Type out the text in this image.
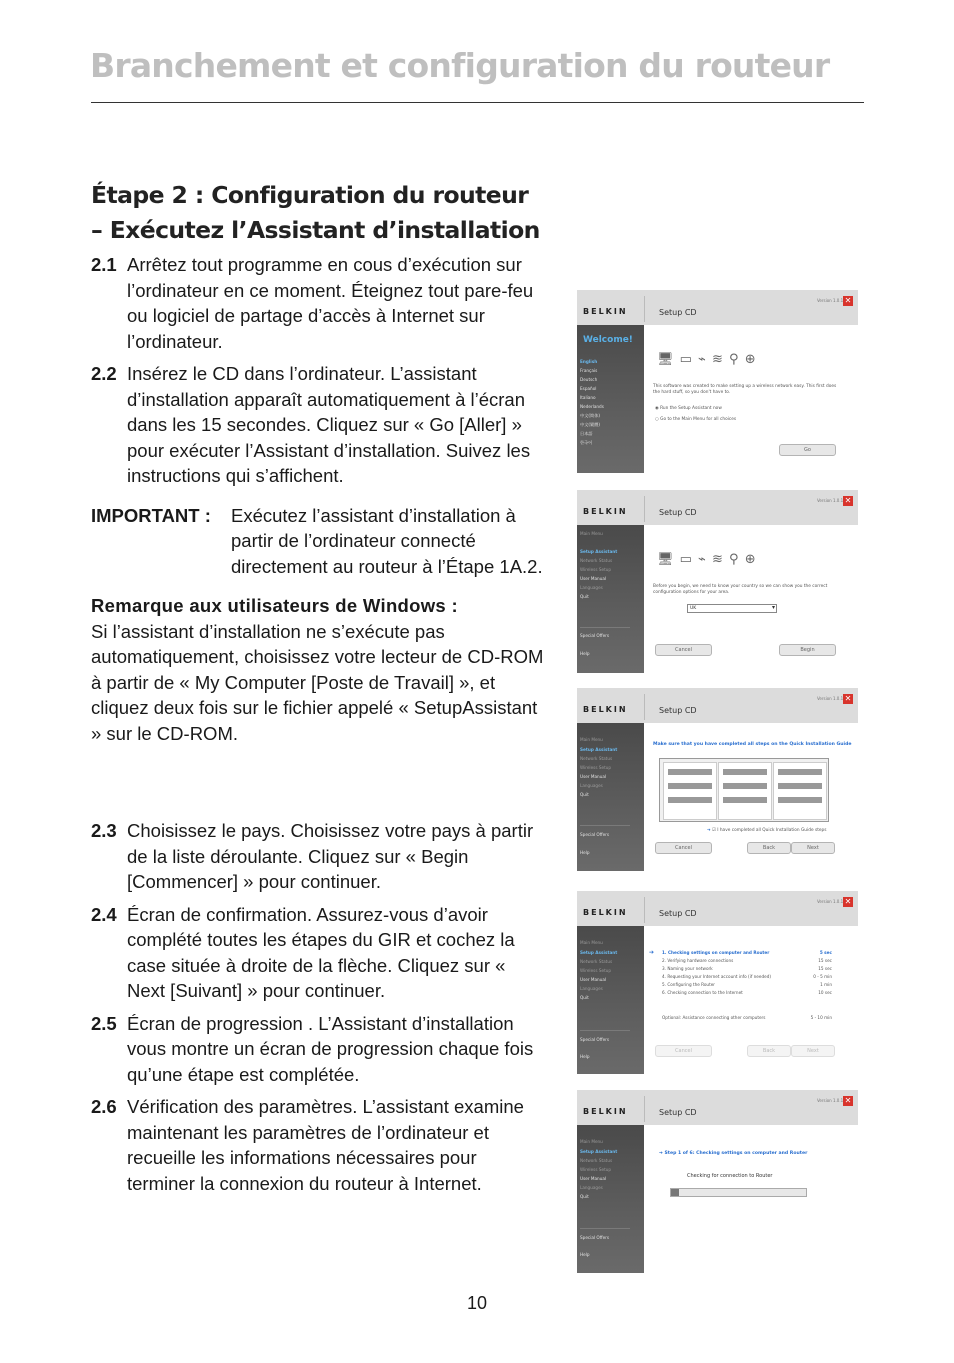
Branchement et configuration du routeur
Étape 2 : Configuration du routeur
– Exécutez l’Assistant d’installation
2.1 Arrêtez tout programme en cous d’exécution sur l’ordinateur en ce moment. Éteignez tout pare-feu ou logiciel de partage d’accès à Internet sur l’ordinateur.
2.2 Insérez le CD dans l’ordinateur. L’assistant d’installation apparaît automatiquement à l’écran dans les 15 secondes. Cliquez sur « Go [Aller] » pour exécuter l’Assistant d’installation. Suivez les instructions qui s’affichent.
IMPORTANT :	Exécutez l’assistant d’installation à partir de l’ordinateur connecté directement au routeur à l’Étape 1A.2.
Remarque aux utilisateurs de Windows :
Si l’assistant d’installation ne s’exécute pas automatiquement, choisissez votre lecteur de CD-ROM à partir de « My Computer [Poste de Travail] », et cliquez deux fois sur le fichier appelé « SetupAssistant » sur le CD-ROM.
2.3 Choisissez le pays. Choisissez votre pays à partir de la liste déroulante. Cliquez sur « Begin [Commencer] » pour continuer.
2.4 Écran de confirmation. Assurez-vous d’avoir complété toutes les étapes du GIR et cochez la case située à droite de la flèche. Cliquez sur « Next [Suivant] » pour continuer.
2.5 Écran de progression . L’Assistant d’installation vous montre un écran de progression chaque fois qu’une étape est complétée.
2.6 Vérification des paramètres. L’assistant examine maintenant les paramètres de l’ordinateur et recueille les informations nécessaires pour terminer la connexion du routeur à Internet.
BELKIN	Setup CD
Version 1.0.1 ✕
Welcome!
English
Français
Deutsch
Español
Italiano
Nederlands
中文(简体)
中文(繁體)
日本語
한국어
🖥 ▭ ⌁ ≋ ⚲ ⊕
This software was created to make setting up a wireless network easy. This first does
the hard stuff, so you don't have to.
◉ Run the Setup Assistant now
○ Go to the Main Menu for all choices
Go
BELKIN	Setup CD
Version 1.0.1 ✕
Main Menu
Setup Assistant
Network Status
Wireless Setup
User Manual
Languages
Quit
Special Offers
Help
🖥 ▭ ⌁ ≋ ⚲ ⊕
Before you begin, we need to know your country so we can show you the correct
configuration options for your area.
UK ▾
Cancel	Begin
BELKIN	Setup CD
Version 1.0.1 ✕
Main Menu
Setup Assistant
Network Status
Wireless Setup
User Manual
Languages
Quit
Special Offers
Help
Make sure that you have completed all steps on the Quick Installation Guide
➔ ☑ I have completed all Quick Installation Guide steps
Cancel	Back	Next
BELKIN	Setup CD
Version 1.0.1 ✕
Main Menu
Setup Assistant
Network Status
Wireless Setup
User Manual
Languages
Quit
Special Offers
Help
➔ 1. Checking settings on computer and Router	5 sec
2. Verifying hardware connections	15 sec
3. Naming your network	15 sec
4. Requesting your Internet account info (if needed)	0 - 5 min
5. Configuring the Router	1 min
6. Checking connection to the Internet	10 sec
Optional: Assistance connecting other computers	5 - 10 min
Cancel	Back	Next
BELKIN	Setup CD
Version 1.0.1 ✕
Main Menu
Setup Assistant
Network Status
Wireless Setup
User Manual
Languages
Quit
Special Offers
Help
➔ Step 1 of 6: Checking settings on computer and Router
Checking for connection to Router
10
